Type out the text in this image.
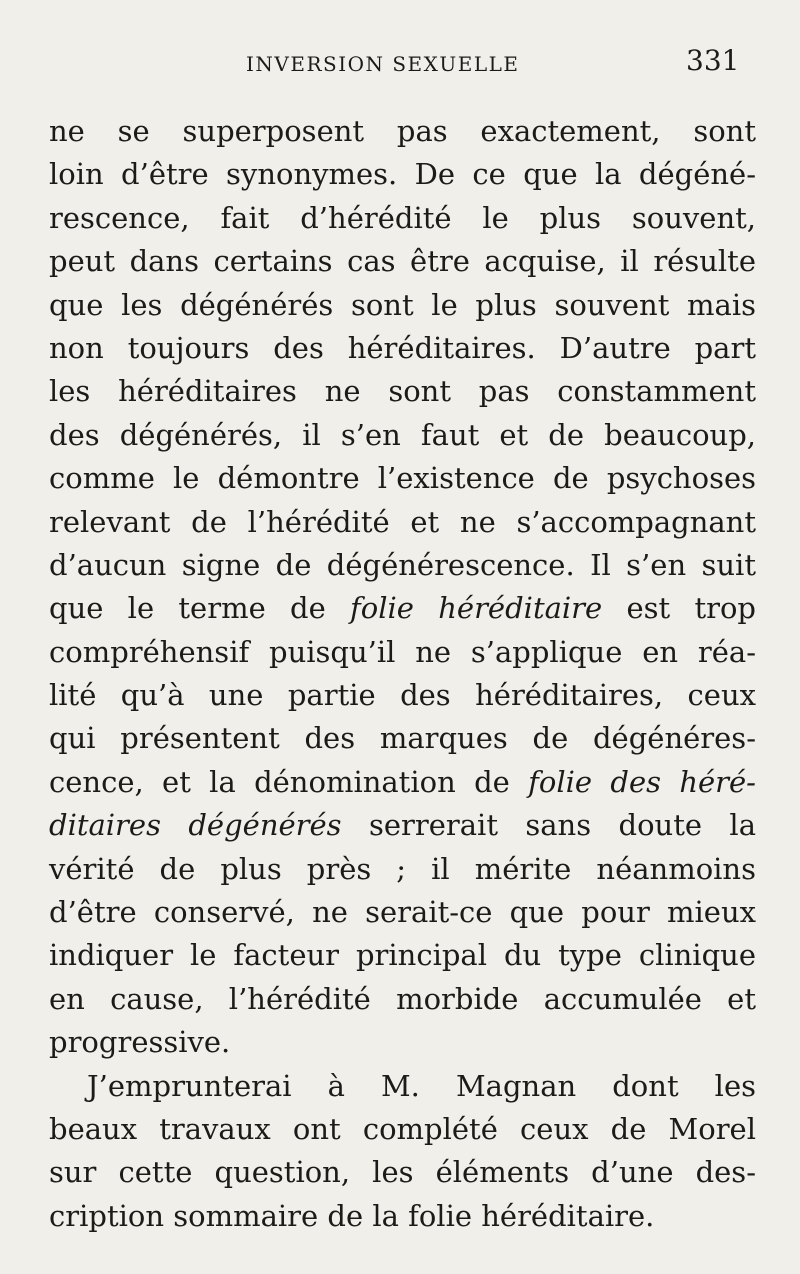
INVERSION SEXUELLE	331
ne se superposent pas exactement, sont
loin d’être synonymes. De ce que la dégéné-
rescence, fait d’hérédité le plus souvent,
peut dans certains cas être acquise, il résulte
que les dégénérés sont le plus souvent mais
non toujours des héréditaires. D’autre part
les héréditaires ne sont pas constamment
des dégénérés, il s’en faut et de beaucoup,
comme le démontre l’existence de psychoses
relevant de l’hérédité et ne s’accompagnant
d’aucun signe de dégénérescence. Il s’en suit
que le terme de folie héréditaire est trop
compréhensif puisqu’il ne s’applique en réa-
lité qu’à une partie des héréditaires, ceux
qui présentent des marques de dégénéres-
cence, et la dénomination de folie des héré-
ditaires dégénérés serrerait sans doute la
vérité de plus près ; il mérite néanmoins
d’être conservé, ne serait-ce que pour mieux
indiquer le facteur principal du type clinique
en cause, l’hérédité morbide accumulée et
progressive.
J’emprunterai à M. Magnan dont les
beaux travaux ont complété ceux de Morel
sur cette question, les éléments d’une des-
cription sommaire de la folie héréditaire.
